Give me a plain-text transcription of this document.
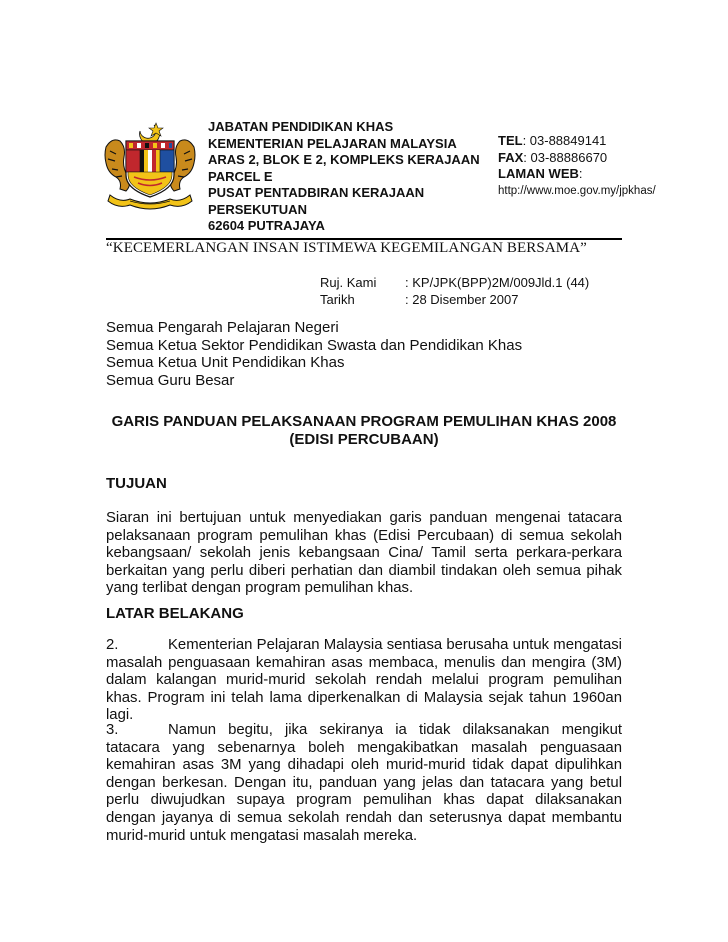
JABATAN PENDIDIKAN KHAS
KEMENTERIAN PELAJARAN MALAYSIA
ARAS 2, BLOK E 2, KOMPLEKS KERAJAAN
PARCEL E
PUSAT PENTADBIRAN KERAJAAN
PERSEKUTUAN
62604 PUTRAJAYA
TEL: 03-88849141
FAX: 03-88886670
LAMAN WEB:
http://www.moe.gov.my/jpkhas/
“KECEMERLANGAN INSAN ISTIMEWA KEGEMILANGAN BERSAMA”
Ruj. Kami
Tarikh
: KP/JPK(BPP)2M/009Jld.1 (44)
: 28 Disember 2007
Semua Pengarah Pelajaran Negeri
Semua Ketua Sektor Pendidikan Swasta dan Pendidikan Khas
Semua Ketua Unit Pendidikan Khas
Semua Guru Besar
GARIS PANDUAN PELAKSANAAN PROGRAM PEMULIHAN KHAS 2008
(EDISI PERCUBAAN)
TUJUAN

Siaran ini bertujuan untuk menyediakan garis panduan mengenai tatacara pelaksanaan program pemulihan khas (Edisi Percubaan) di semua sekolah kebangsaan/ sekolah jenis kebangsaan Cina/ Tamil serta perkara-perkara berkaitan yang perlu diberi perhatian dan diambil tindakan oleh semua pihak yang terlibat dengan program pemulihan khas.

LATAR BELAKANG

2.	Kementerian Pelajaran Malaysia sentiasa berusaha untuk mengatasi masalah penguasaan kemahiran asas membaca, menulis dan mengira (3M) dalam kalangan murid-murid sekolah rendah melalui program pemulihan khas. Program ini telah lama diperkenalkan di Malaysia sejak tahun 1960an lagi.

3.	Namun begitu, jika sekiranya ia tidak dilaksanakan mengikut tatacara yang sebenarnya boleh mengakibatkan masalah penguasaan kemahiran asas 3M yang dihadapi oleh murid-murid tidak dapat dipulihkan dengan berkesan. Dengan itu, panduan yang jelas dan tatacara yang betul perlu diwujudkan supaya program pemulihan khas dapat dilaksanakan dengan jayanya di semua sekolah rendah dan seterusnya dapat membantu murid-murid untuk mengatasi masalah mereka.
